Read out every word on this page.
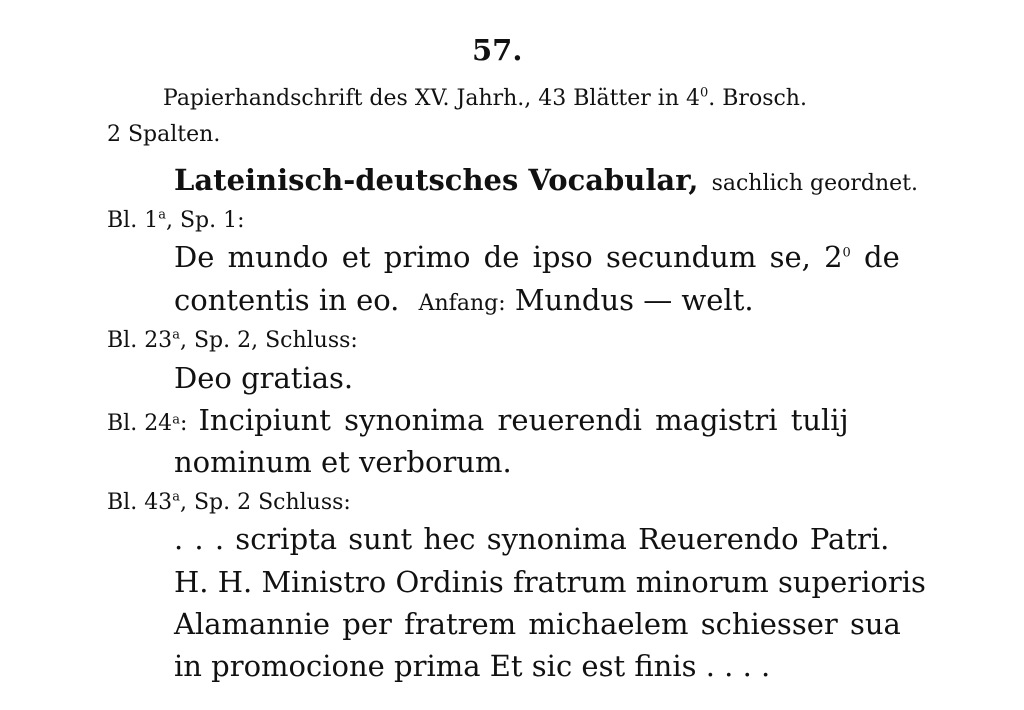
57.
Papierhandschrift des XV. Jahrh., 43 Blätter in $4^0$. Brosch.
2 Spalten.
Lateinisch-deutsches Vocabular, sachlich geordnet.
Bl. 1$^a$, Sp. 1:
De mundo et primo de ipso secundum se, $2^0$ de
contentis in eo. Anfang: Mundus — welt.
Bl. 23$^a$, Sp. 2, Schluss:
Deo gratias.
Bl. 24$^a$: Incipiunt synonima reuerendi magistri tulij
nominum et verborum.
Bl. 43$^a$, Sp. 2 Schluss:
. . . scripta sunt hec synonima Reuerendo Patri.
H. H. Ministro Ordinis fratrum minorum superioris
Alamannie per fratrem michaelem schiesser sua
in promocione prima Et sic est finis . . . .
